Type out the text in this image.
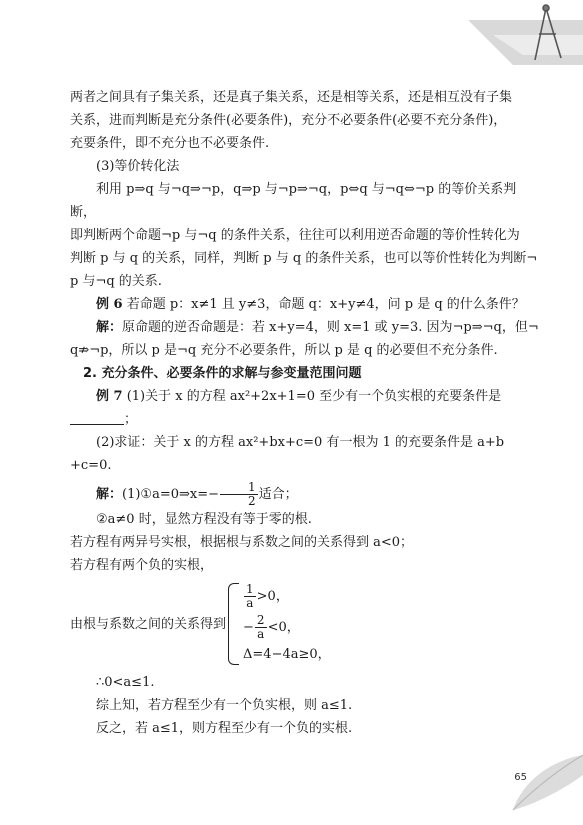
两者之间具有子集关系，还是真子集关系，还是相等关系，还是相互没有子集

关系，进而判断是充分条件(必要条件)，充分不必要条件(必要不充分条件)，

充要条件，即不充分也不必要条件.

(3)等价转化法

利用 p⇒q 与¬q⇒¬p，q⇒p 与¬p⇒¬q，p⇔q 与¬q⇔¬p 的等价关系判断，

即判断两个命题¬p 与¬q 的条件关系，往往可以利用逆否命题的等价性转化为

判断 p 与 q 的关系，同样，判断 p 与 q 的条件关系，也可以等价性转化为判断¬

p 与¬q 的关系.

例 6 若命题 p：x≠1 且 y≠3，命题 q：x+y≠4，问 p 是 q 的什么条件？

解：原命题的逆否命题是：若 x+y=4，则 x=1 或 y=3. 因为¬p⇒¬q，但¬

q⇏¬p，所以 p 是¬q 充分不必要条件，所以 p 是 q 的必要但不充分条件.

2. 充分条件、必要条件的求解与参变量范围问题

例 7 (1)关于 x 的方程 ax²+2x+1=0 至少有一个负实根的充要条件是

；

(2)求证：关于 x 的方程 ax²+bx+c=0 有一根为 1 的充要条件是 a+b

+c=0.

解：(1)①a=0⇒x=− $\frac{1}{2}$ 适合；

②a≠0 时，显然方程没有等于零的根.

若方程有两异号实根，根据根与系数之间的关系得到 a<0；

若方程有两个负的实根，

由根与系数之间的关系得到
$\frac{1}{a} >0$，
− $\frac{2}{a} <0$，
Δ=4−4a≥0，

∴0<a≤1.

综上知，若方程至少有一个负实根，则 a≤1.

反之，若 a≤1，则方程至少有一个负的实根.

65
